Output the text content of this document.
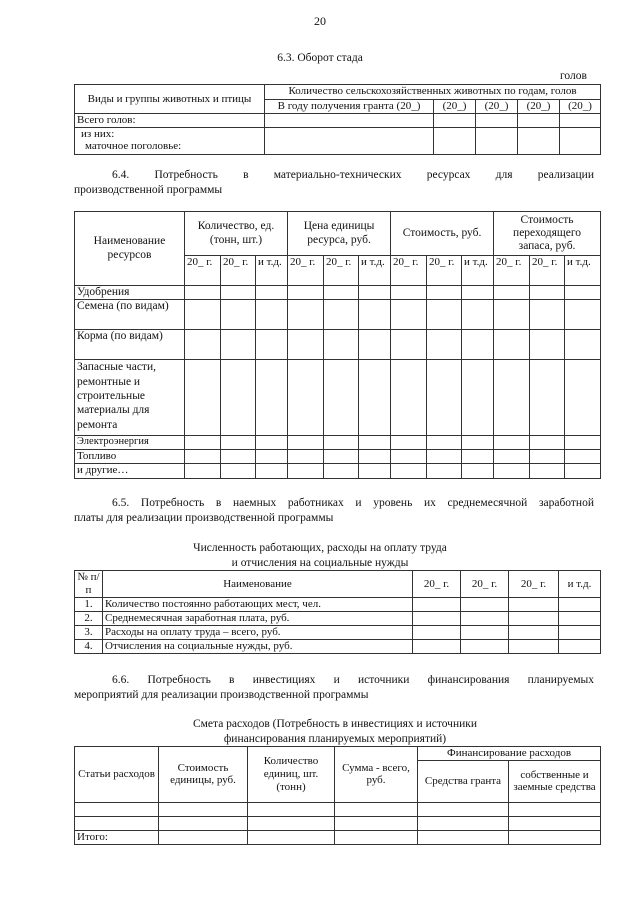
20
6.3. Оборот стада
голов
Виды и группы животных и птицы	Количество сельскохозяйственных животных по годам, голов				
	В году получения гранта (20_)	(20_)	(20_)	(20_)	(20_)
Всего голов:					

из них:
маточное поголовье:					

6.4. Потребность в материально-технических ресурсах для реализации
производственной программы
Наименование ресурсов	Количество, ед. (тонн, шт.)			Цена единицы ресурса, руб.			Стоимость, руб.			Стоимость переходящего запаса, руб.		
	20_ г.	20_ г.	и т.д.	20_ г.	20_ г.	и т.д.	20_ г.	20_ г.	и т.д.	20_ г.	20_ г.	и т.д.
Удобрения												
Семена (по видам)												
Корма (по видам)												
Запасные части, ремонтные и строительные материалы для ремонта												
Электроэнергия												
Топливо												
и другие…												
6.5. Потребность в наемных работниках и уровень их среднемесячной заработной
платы для реализации производственной программы
Численность работающих, расходы на оплату труда
и отчисления на социальные нужды
№ п/п	Наименование	20_ г.	20_ г.	20_ г.	и т.д.
1.	Количество постоянно работающих мест, чел.				
2.	Среднемесячная заработная плата, руб.				
3.	Расходы на оплату труда – всего, руб.				
4.	Отчисления на социальные нужды, руб.				
6.6. Потребность в инвестициях и источники финансирования планируемых
мероприятий для реализации производственной программы
Смета расходов (Потребность в инвестициях и источники
финансирования планируемых мероприятий)
Статьи расходов	Стоимость единицы, руб.	Количество единиц, шт. (тонн)	Сумма - всего, руб.	Финансирование расходов	
				Средства гранта	собственные и заемные средства

Итого:					
